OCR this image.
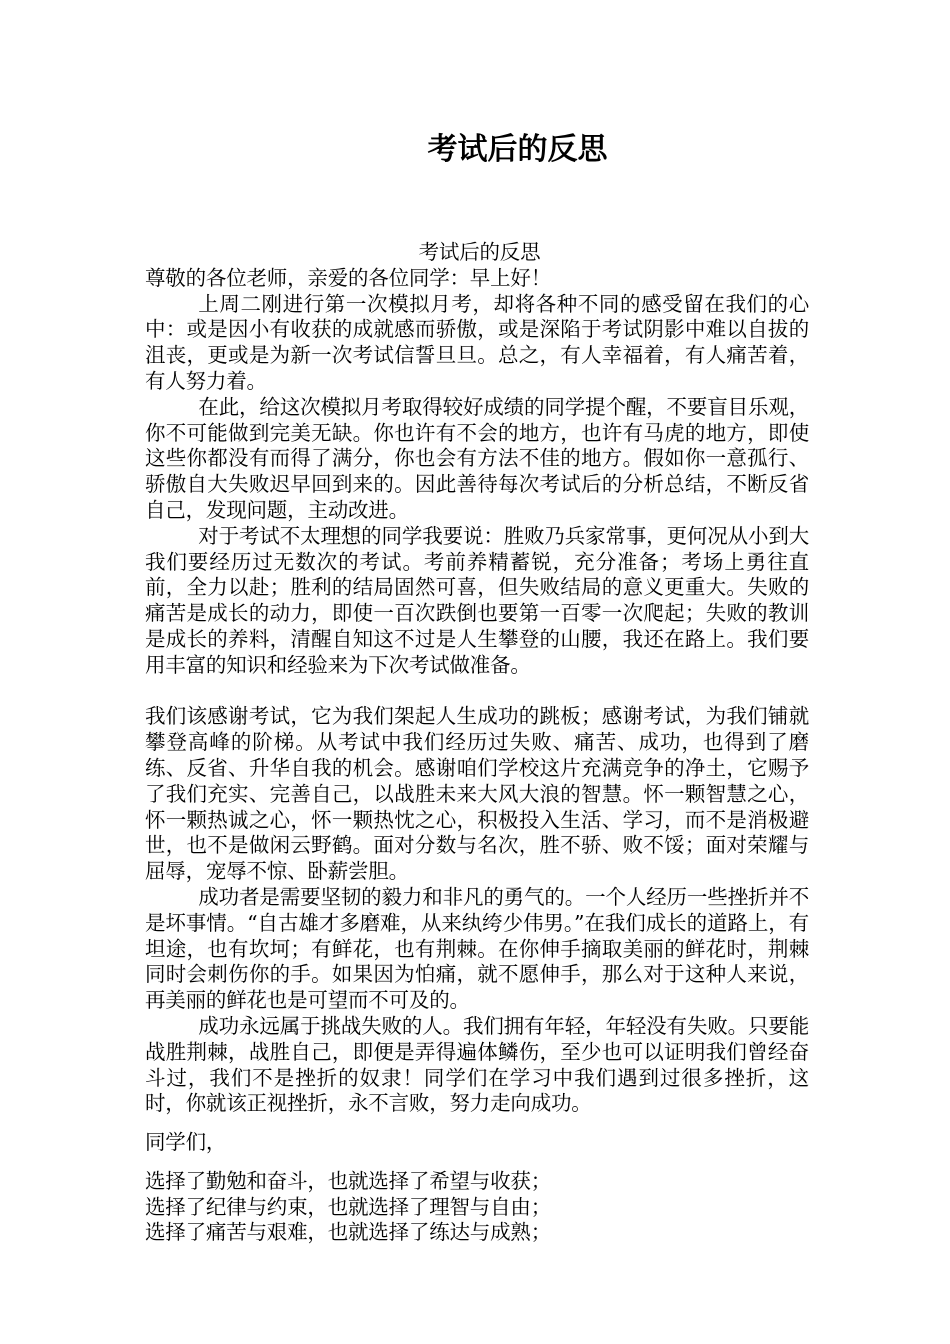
考试后的反思

考试后的反思

尊敬的各位老师，亲爱的各位同学：早上好！

上周二刚进行第一次模拟月考，却将各种不同的感受留在我们的心中：或是因小有收获的成就感而骄傲，或是深陷于考试阴影中难以自拔的沮丧，更或是为新一次考试信誓旦旦。总之，有人幸福着，有人痛苦着，有人努力着。

在此，给这次模拟月考取得较好成绩的同学提个醒，不要盲目乐观，你不可能做到完美无缺。你也许有不会的地方，也许有马虎的地方，即使这些你都没有而得了满分，你也会有方法不佳的地方。假如你一意孤行、骄傲自大失败迟早回到来的。因此善待每次考试后的分析总结，不断反省自己，发现问题，主动改进。

对于考试不太理想的同学我要说：胜败乃兵家常事，更何况从小到大我们要经历过无数次的考试。考前养精蓄锐，充分准备；考场上勇往直前，全力以赴；胜利的结局固然可喜，但失败结局的意义更重大。失败的痛苦是成长的动力，即使一百次跌倒也要第一百零一次爬起；失败的教训是成长的养料，清醒自知这不过是人生攀登的山腰，我还在路上。我们要用丰富的知识和经验来为下次考试做准备。

我们该感谢考试，它为我们架起人生成功的跳板；感谢考试，为我们铺就攀登高峰的阶梯。从考试中我们经历过失败、痛苦、成功，也得到了磨练、反省、升华自我的机会。感谢咱们学校这片充满竞争的净土，它赐予了我们充实、完善自己，以战胜未来大风大浪的智慧。怀一颗智慧之心，怀一颗热诚之心，怀一颗热忱之心，积极投入生活、学习，而不是消极避世，也不是做闲云野鹤。面对分数与名次，胜不骄、败不馁；面对荣耀与屈辱，宠辱不惊、卧薪尝胆。

成功者是需要坚韧的毅力和非凡的勇气的。一个人经历一些挫折并不是坏事情。“自古雄才多磨难，从来纨绔少伟男。”在我们成长的道路上，有坦途，也有坎坷；有鲜花，也有荆棘。在你伸手摘取美丽的鲜花时，荆棘同时会刺伤你的手。如果因为怕痛，就不愿伸手，那么对于这种人来说，再美丽的鲜花也是可望而不可及的。

成功永远属于挑战失败的人。我们拥有年轻，年轻没有失败。只要能战胜荆棘，战胜自己，即便是弄得遍体鳞伤，至少也可以证明我们曾经奋斗过，我们不是挫折的奴隶！同学们在学习中我们遇到过很多挫折，这时，你就该正视挫折，永不言败，努力走向成功。

同学们，

选择了勤勉和奋斗，也就选择了希望与收获；

选择了纪律与约束，也就选择了理智与自由；

选择了痛苦与艰难，也就选择了练达与成熟；
